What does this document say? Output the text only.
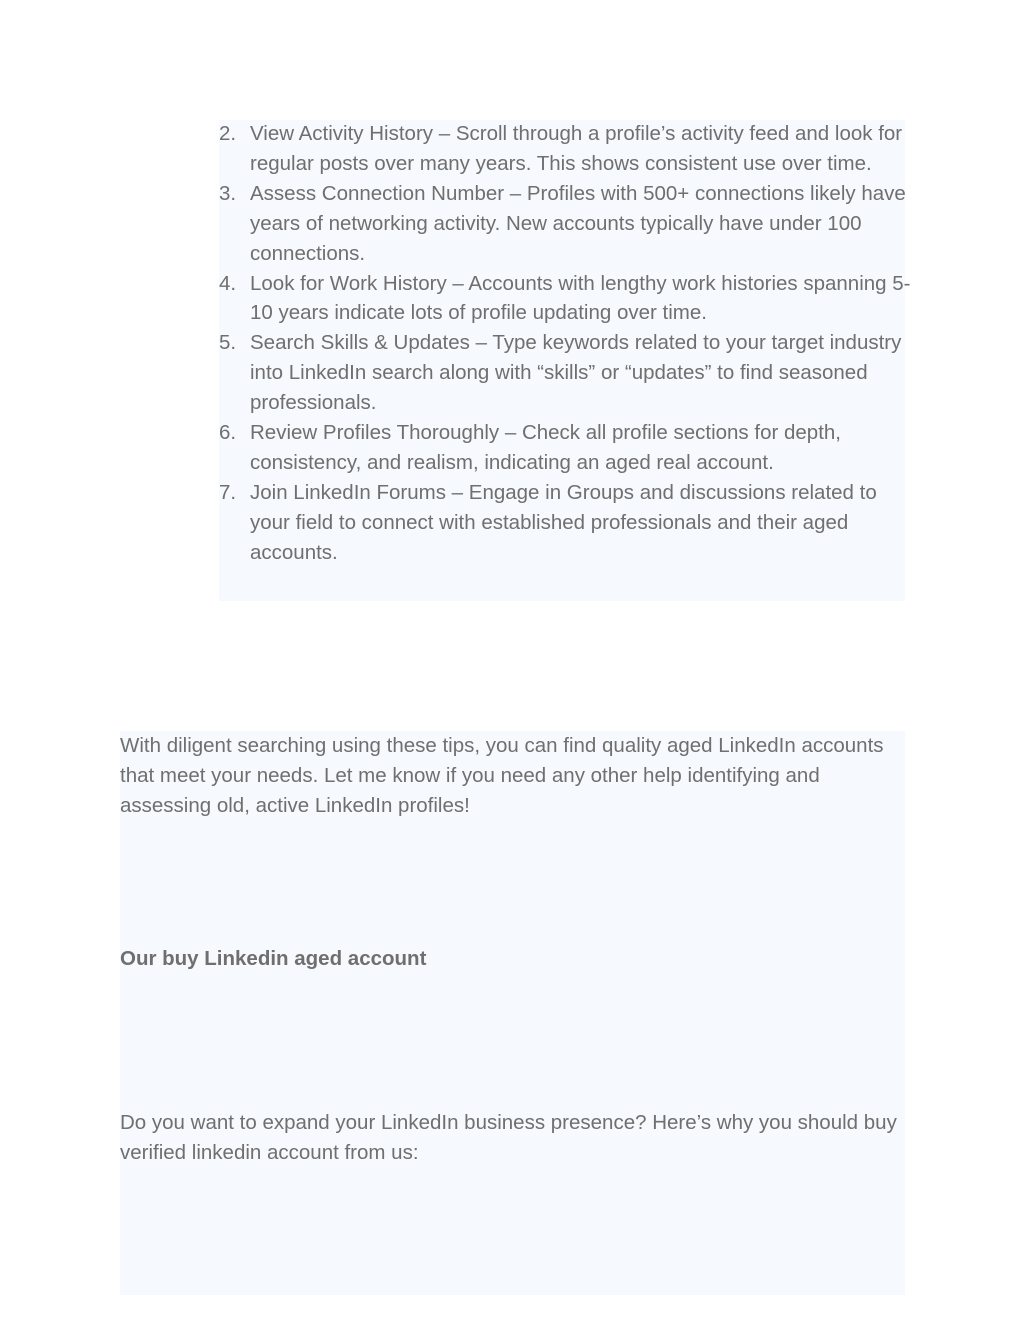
2. View Activity History – Scroll through a profile’s activity feed and look for regular posts over many years. This shows consistent use over time.
3. Assess Connection Number – Profiles with 500+ connections likely have years of networking activity. New accounts typically have under 100 connections.
4. Look for Work History – Accounts with lengthy work histories spanning 5-10 years indicate lots of profile updating over time.
5. Search Skills & Updates – Type keywords related to your target industry into LinkedIn search along with “skills” or “updates” to find seasoned professionals.
6. Review Profiles Thoroughly – Check all profile sections for depth, consistency, and realism, indicating an aged real account.
7. Join LinkedIn Forums – Engage in Groups and discussions related to your field to connect with established professionals and their aged accounts.

With diligent searching using these tips, you can find quality aged LinkedIn accounts that meet your needs. Let me know if you need any other help identifying and assessing old, active LinkedIn profiles!

Our buy Linkedin aged account

Do you want to expand your LinkedIn business presence? Here’s why you should buy verified linkedin account from us:
